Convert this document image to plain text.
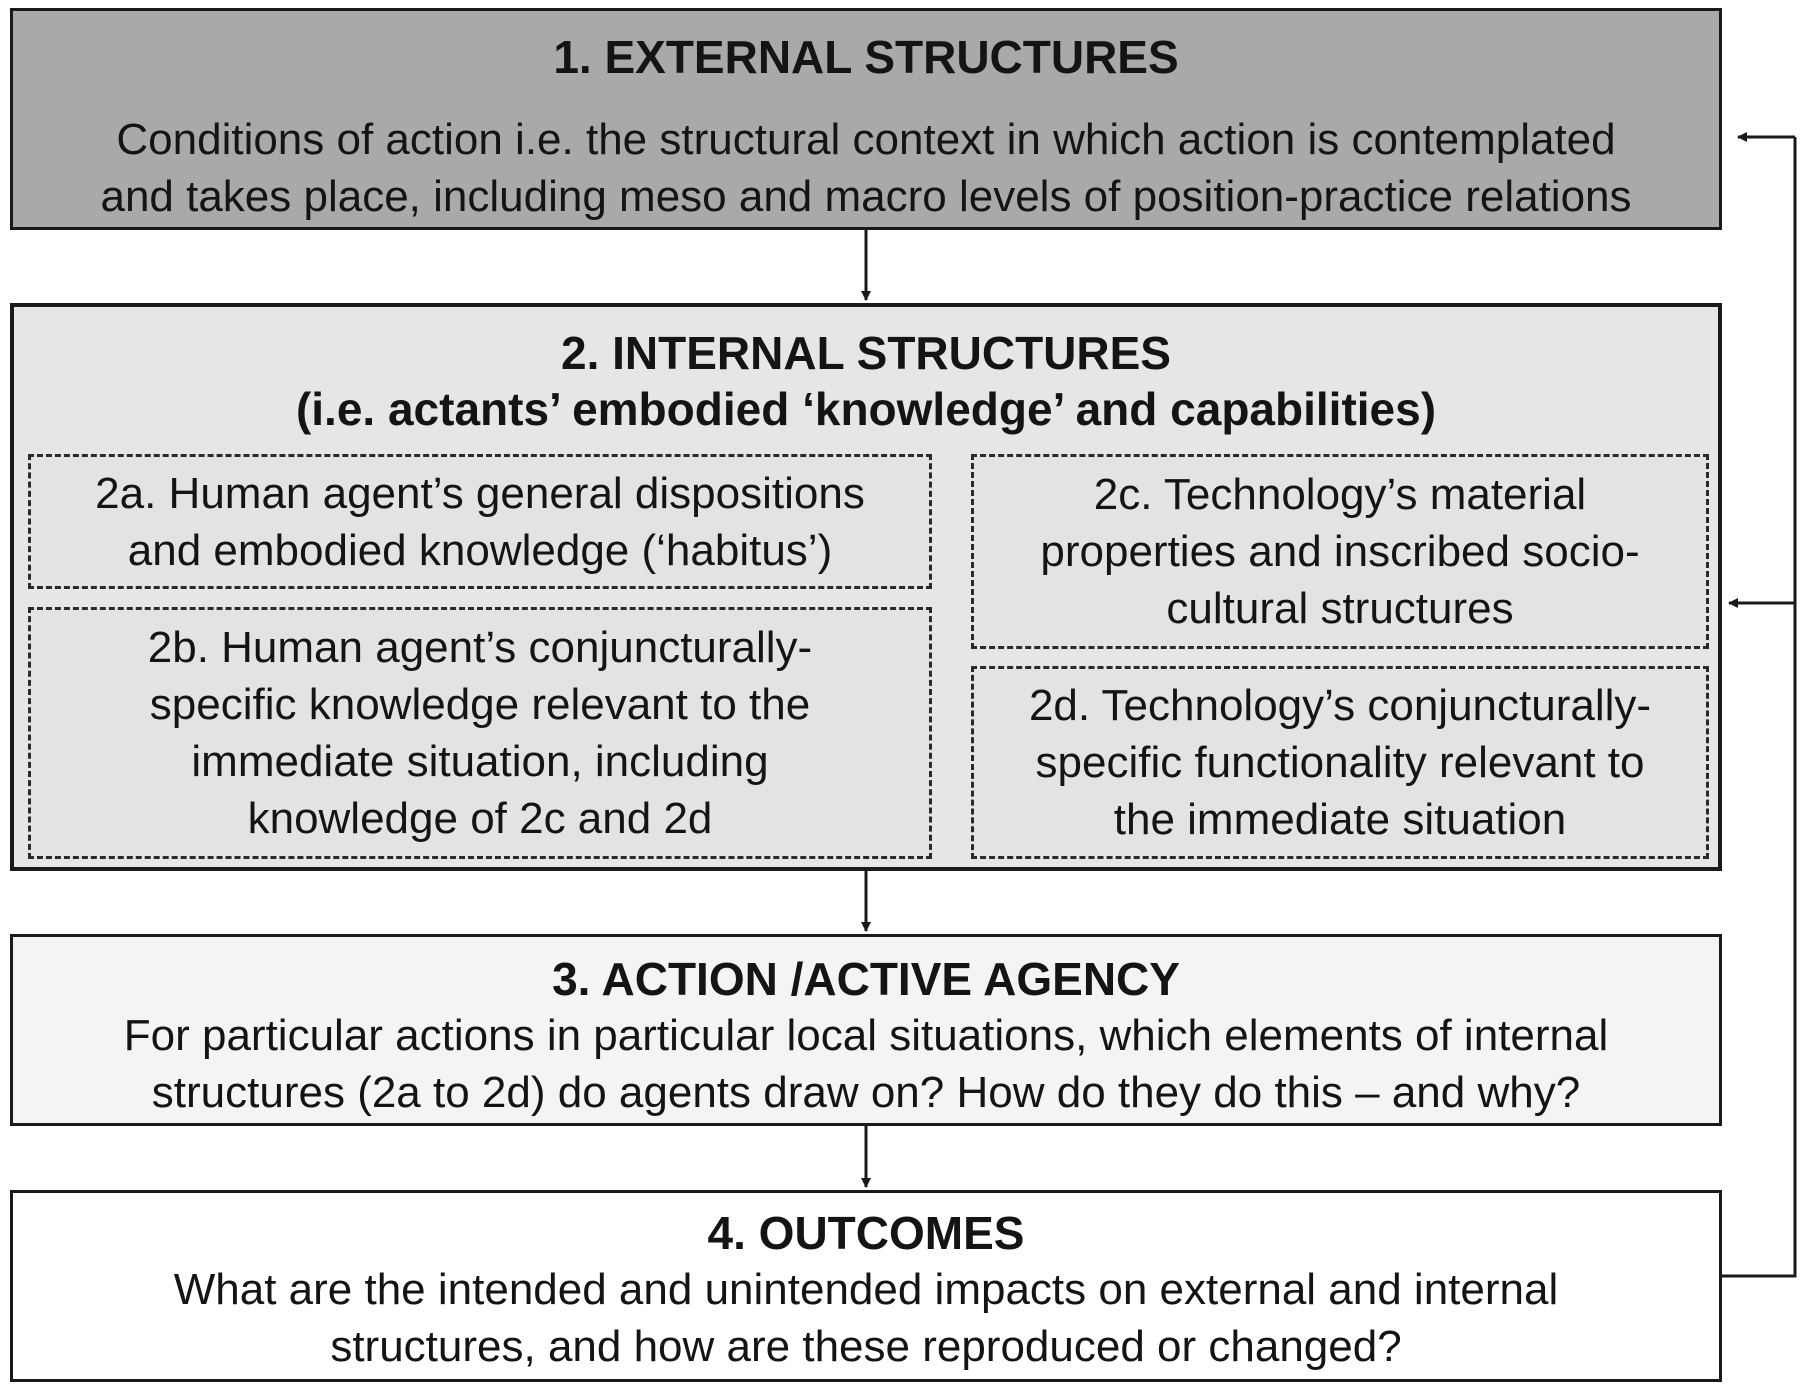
1. EXTERNAL STRUCTURES
Conditions of action i.e. the structural context in which action is contemplated
and takes place, including meso and macro levels of position-practice relations
2. INTERNAL STRUCTURES
(i.e. actants’ embodied ‘knowledge’ and capabilities)
2a. Human agent’s general dispositions
and embodied knowledge (‘habitus’)
2b. Human agent’s conjuncturally-
specific knowledge relevant to the
immediate situation, including
knowledge of 2c and 2d
2c. Technology’s material
properties and inscribed socio-
cultural structures
2d. Technology’s conjuncturally-
specific functionality relevant to
the immediate situation
3. ACTION /ACTIVE AGENCY
For particular actions in particular local situations, which elements of internal
structures (2a to 2d) do agents draw on? How do they do this – and why?
4. OUTCOMES
What are the intended and unintended impacts on external and internal
structures, and how are these reproduced or changed?
